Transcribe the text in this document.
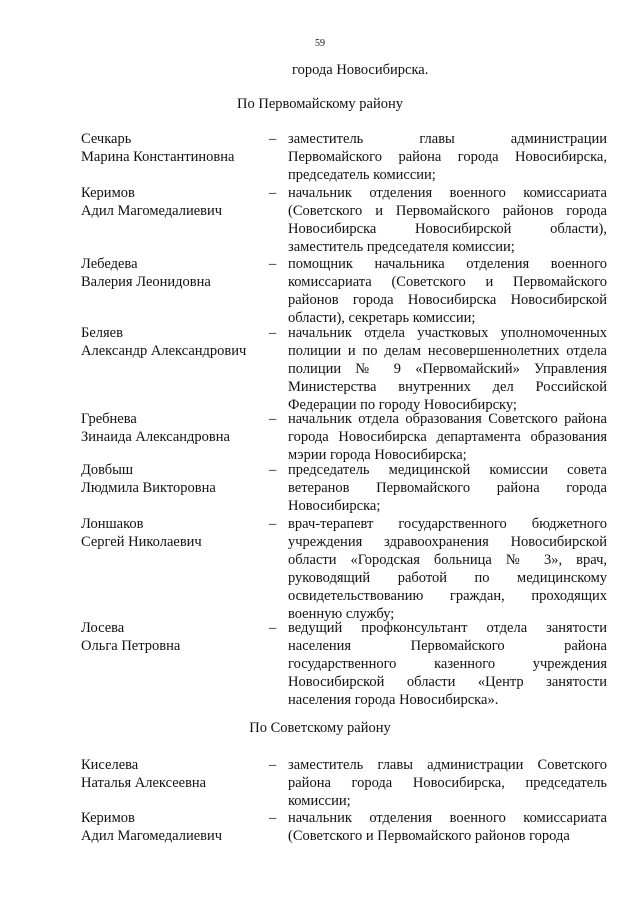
59
города Новосибирска.
По Первомайскому району
Сечкарь
Марина Константиновна
– заместитель главы администрации
Первомайского района города Новосибирска,
председатель комиссии;
Керимов
Адил Магомедалиевич
– начальник отделения военного комиссариата
(Советского и Первомайского районов города
Новосибирска Новосибирской области),
заместитель председателя комиссии;
Лебедева
Валерия Леонидовна
– помощник начальника отделения военного
комиссариата (Советского и Первомайского
районов города Новосибирска Новосибирской
области), секретарь комиссии;
Беляев
Александр Александрович
– начальник отдела участковых уполномоченных
полиции и по делам несовершеннолетних отдела
полиции № 9 «Первомайский» Управления
Министерства внутренних дел Российской
Федерации по городу Новосибирску;
Гребнева
Зинаида Александровна
– начальник отдела образования Советского района
города Новосибирска департамента образования
мэрии города Новосибирска;
Довбыш
Людмила Викторовна
– председатель медицинской комиссии совета
ветеранов Первомайского района города
Новосибирска;
Лоншаков
Сергей Николаевич
– врач-терапевт государственного бюджетного
учреждения здравоохранения Новосибирской
области «Городская больница № 3», врач,
руководящий работой по медицинскому
освидетельствованию граждан, проходящих
военную службу;
Лосева
Ольга Петровна
– ведущий профконсультант отдела занятости
населения Первомайского района
государственного казенного учреждения
Новосибирской области «Центр занятости
населения города Новосибирска».
По Советскому району
Киселева
Наталья Алексеевна
– заместитель главы администрации Советского
района города Новосибирска, председатель
комиссии;
Керимов
Адил Магомедалиевич
– начальник отделения военного комиссариата
(Советского и Первомайского районов города
